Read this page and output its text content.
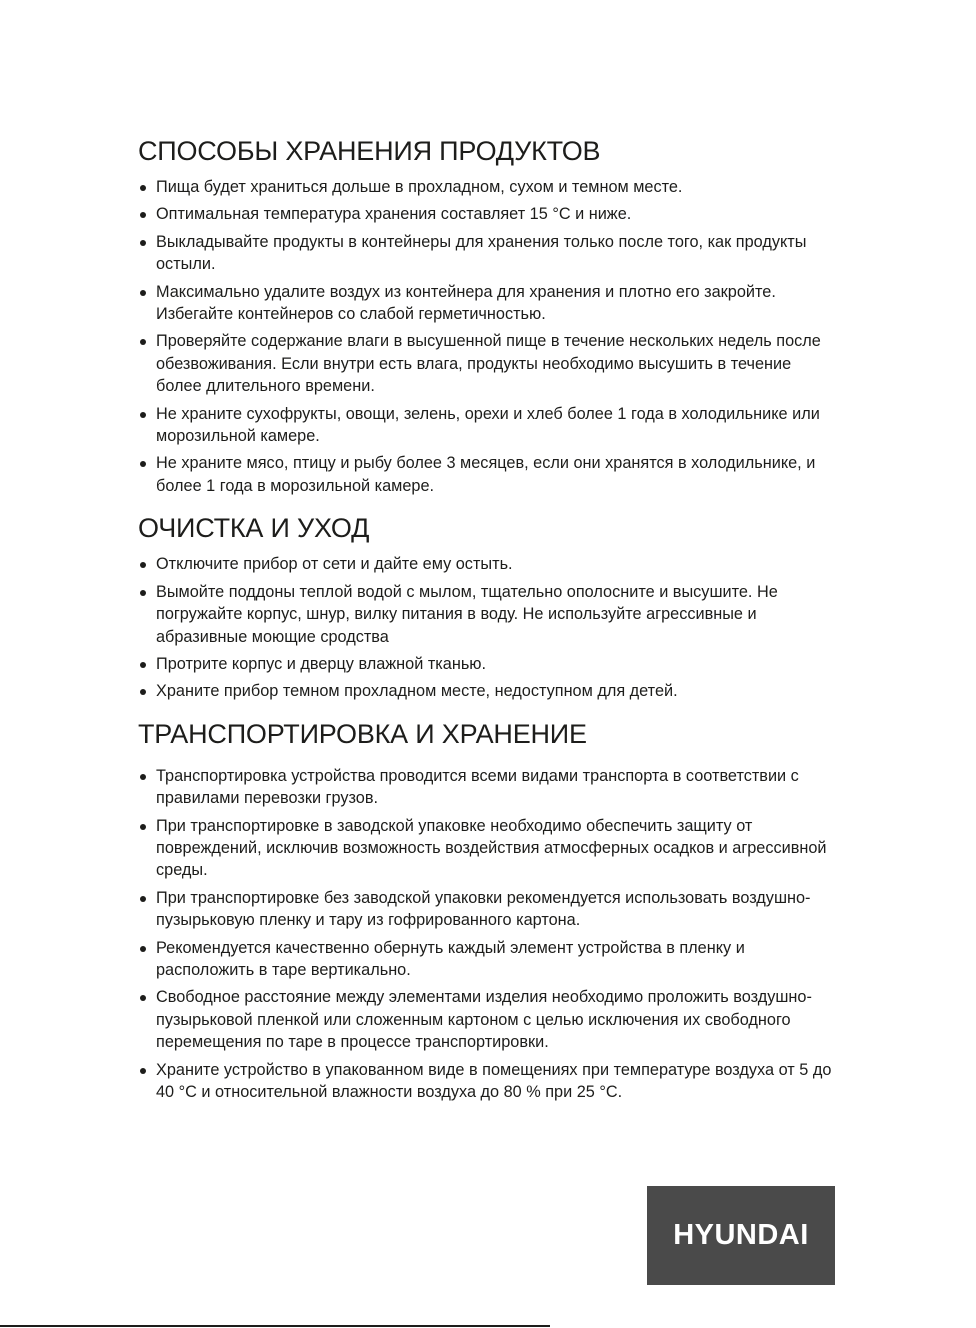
СПОСОБЫ ХРАНЕНИЯ ПРОДУКТОВ
Пища будет храниться дольше в прохладном, сухом и темном месте.
Оптимальная температура хранения составляет 15 °С и ниже.
Выкладывайте продукты в контейнеры для хранения только после того, как продукты остыли.
Максимально удалите воздух из контейнера для хранения и плотно его закройте. Избегайте контейнеров со слабой герметичностью.
Проверяйте содержание влаги в высушенной пище в течение нескольких недель после обезвоживания. Если внутри есть влага, продукты необходимо высушить в течение более длительного времени.
Не храните сухофрукты, овощи, зелень, орехи и хлеб более 1 года в холодильнике или морозильной камере.
Не храните мясо, птицу и рыбу более 3 месяцев, если они хранятся в холодильнике, и более 1 года в морозильной камере.
ОЧИСТКА И УХОД
Отключите прибор от сети и дайте ему остыть.
Вымойте поддоны теплой водой с мылом, тщательно ополосните и высушите. Не погружайте корпус, шнур, вилку питания в воду. Не используйте агрессивные и абразивные моющие сродства
Протрите корпус и дверцу влажной тканью.
Храните прибор темном прохладном месте, недоступном для детей.
ТРАНСПОРТИРОВКА И ХРАНЕНИЕ
Транспортировка устройства проводится всеми видами транспорта в соответствии с правилами перевозки грузов.
При транспортировке в заводской упаковке необходимо обеспечить защиту от повреждений, исключив возможность воздействия атмосферных осадков и агрессивной среды.
При транспортировке без заводской упаковки рекомендуется использовать воздушно-пузырьковую пленку и тару из гофрированного картона.
Рекомендуется качественно обернуть каждый элемент устройства в пленку и расположить в таре вертикально.
Свободное расстояние между элементами изделия необходимо проложить воздушно-пузырьковой пленкой или сложенным картоном с целью исключения их свободного перемещения по таре в процессе транспортировки.
Храните устройство в упакованном виде в помещениях при температуре воздуха от 5 до 40 °С и относительной влажности воздуха до 80 % при 25 °С.
HYUNDAI
